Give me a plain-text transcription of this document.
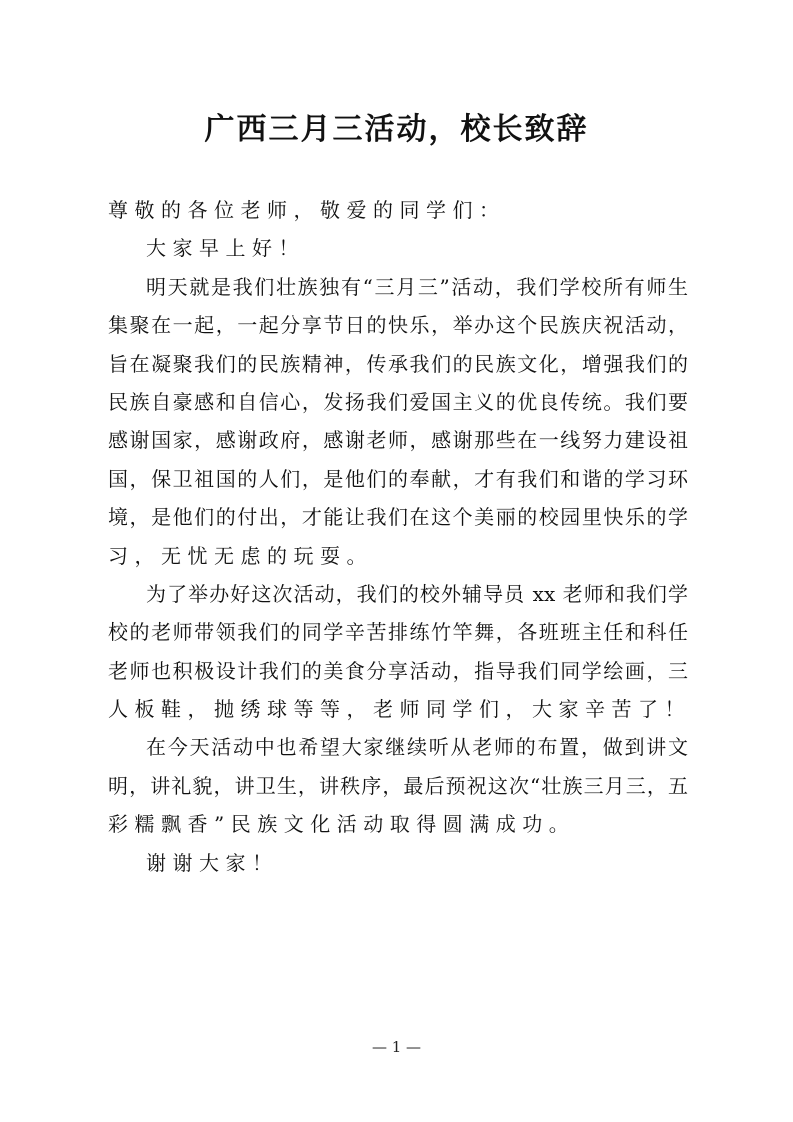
广西三月三活动，校长致辞
尊敬的各位老师，敬爱的同学们：
大家早上好！
明天就是我们壮族独有“三月三”活动，我们学校所有师生
集聚在一起，一起分享节日的快乐，举办这个民族庆祝活动，
旨在凝聚我们的民族精神，传承我们的民族文化，增强我们的
民族自豪感和自信心，发扬我们爱国主义的优良传统。我们要
感谢国家，感谢政府，感谢老师，感谢那些在一线努力建设祖
国，保卫祖国的人们，是他们的奉献，才有我们和谐的学习环
境，是他们的付出，才能让我们在这个美丽的校园里快乐的学
习，无忧无虑的玩耍。
为了举办好这次活动，我们的校外辅导员 xx 老师和我们学
校的老师带领我们的同学辛苦排练竹竿舞，各班班主任和科任
老师也积极设计我们的美食分享活动，指导我们同学绘画，三
人板鞋，抛绣球等等，老师同学们，大家辛苦了！
在今天活动中也希望大家继续听从老师的布置，做到讲文
明，讲礼貌，讲卫生，讲秩序，最后预祝这次“壮族三月三，五
彩糯飘香”民族文化活动取得圆满成功。
谢谢大家！
— 1 —
